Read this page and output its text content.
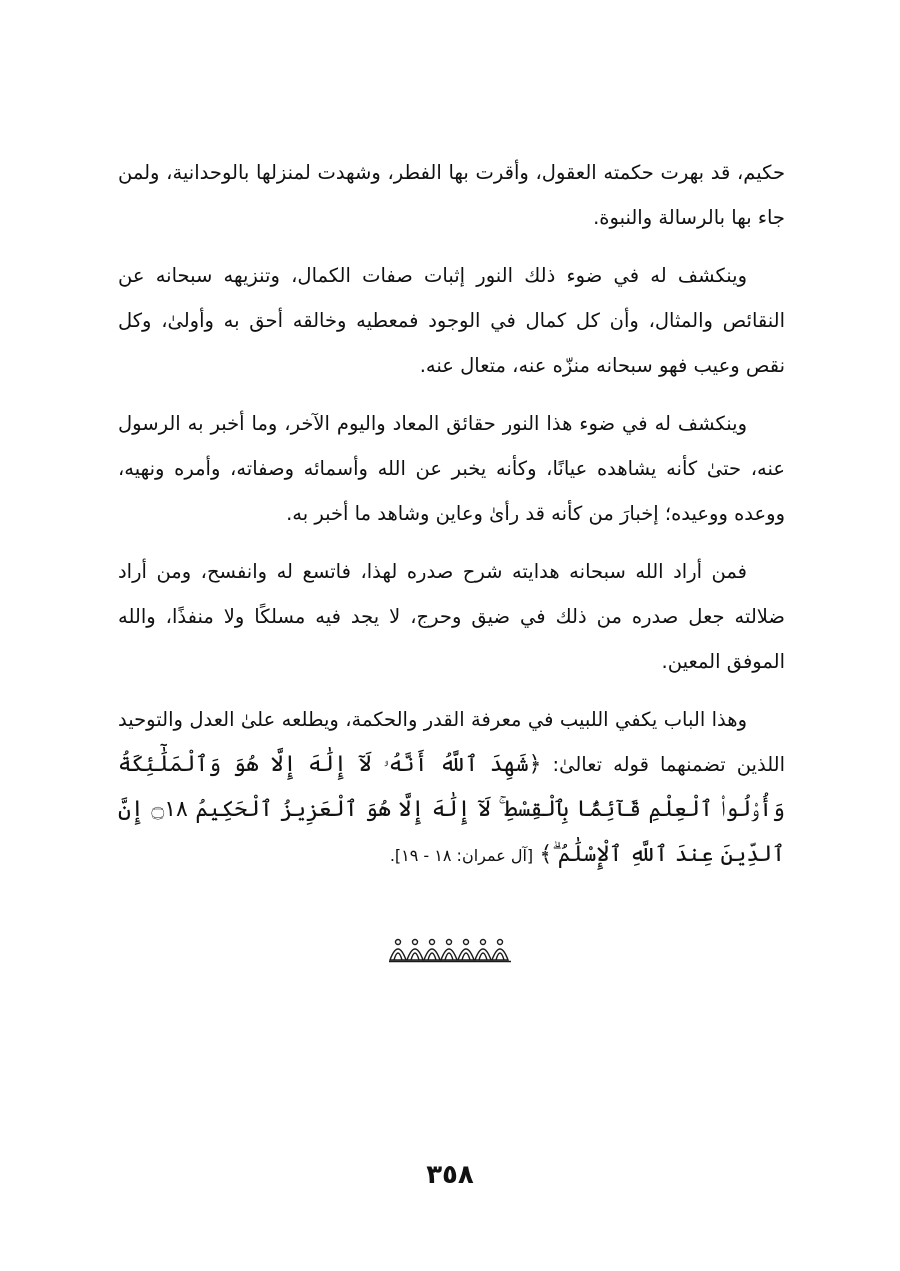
حكيم، قد بهرت حكمته العقول، وأقرت بها الفطر، وشهدت لمنزلها بالوحدانية، ولمن جاء بها بالرسالة والنبوة.

وينكشف له في ضوء ذلك النور إثبات صفات الكمال، وتنزيهه سبحانه عن النقائص والمثال، وأن كل كمال في الوجود فمعطيه وخالقه أحق به وأولىٰ، وكل نقص وعيب فهو سبحانه منزّه عنه، متعال عنه.

وينكشف له في ضوء هذا النور حقائق المعاد واليوم الآخر، وما أخبر به الرسول عنه، حتىٰ كأنه يشاهده عيانًا، وكأنه يخبر عن الله وأسمائه وصفاته، وأمره ونهيه، ووعده ووعيده؛ إخبارَ من كأنه قد رأىٰ وعاين وشاهد ما أخبر به.

فمن أراد الله سبحانه هدايته شرح صدره لهذا، فاتسع له وانفسح، ومن أراد ضلالته جعل صدره من ذلك في ضيق وحرج، لا يجد فيه مسلكًا ولا منفذًا، والله الموفق المعين.

وهذا الباب يكفي اللبيب في معرفة القدر والحكمة، ويطلعه علىٰ العدل والتوحيد اللذين تضمنهما قوله تعالىٰ: ﴿شَهِدَ ٱللَّهُ أَنَّهُۥ لَآ إِلَٰهَ إِلَّا هُوَ وَٱلْمَلَٰٓئِكَةُ وَأُو۟لُوا۟ ٱلْعِلْمِ قَآئِمًۢا بِٱلْقِسْطِ ۚ لَآ إِلَٰهَ إِلَّا هُوَ ٱلْعَزِيزُ ٱلْحَكِيمُ ۝١٨ إِنَّ ٱلدِّينَ عِندَ ٱللَّهِ ٱلْإِسْلَٰمُ ۗ﴾ [آل عمران: ١٨ - ١٩].

٣٥٨
